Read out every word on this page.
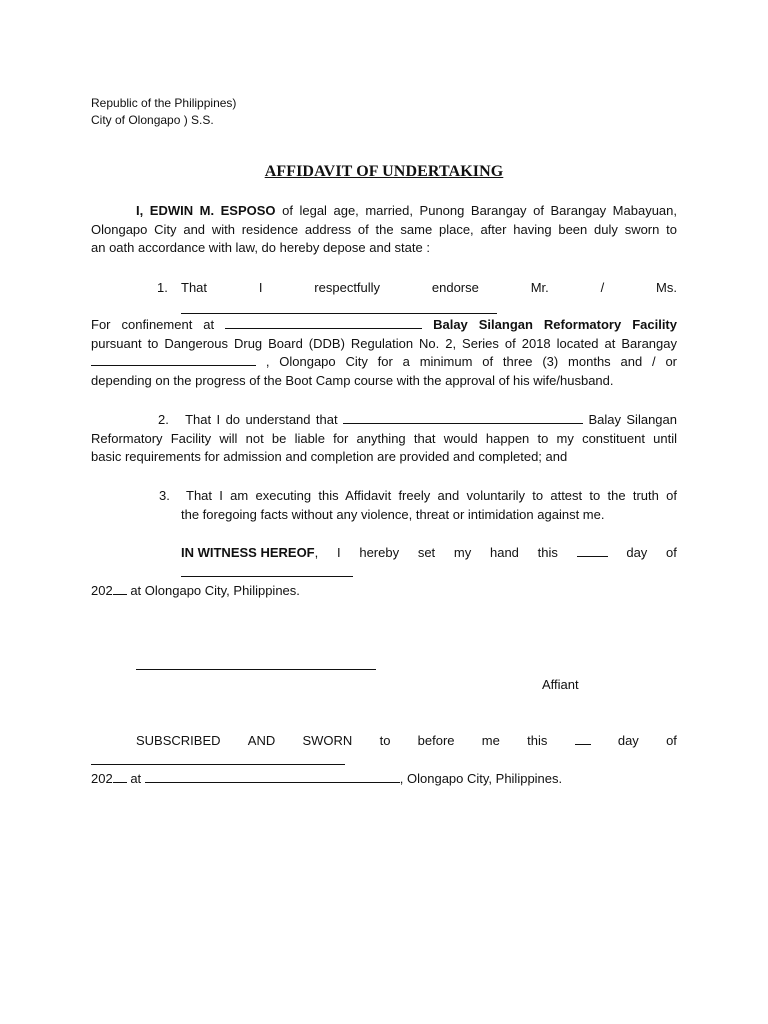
Republic of the Philippines)
City of Olongapo ) S.S.
AFFIDAVIT OF UNDERTAKING
I, EDWIN M. ESPOSO of legal age, married, Punong Barangay of Barangay Mabayuan,
Olongapo City and with residence address of the same place, after having been duly sworn to
an oath accordance with law, do hereby depose and state :
1. That	I	respectfully	endorse	Mr.	/	Ms.
For confinement at	Balay Silangan Reformatory Facility
pursuant to Dangerous Drug Board (DDB) Regulation No. 2, Series of 2018 located at Barangay
, Olongapo City for a minimum of three (3) months and / or
depending on the progress of the Boot Camp course with the approval of his wife/husband.
2. That I do understand that	Balay Silangan
Reformatory Facility will not be liable for anything that would happen to my constituent until
basic requirements for admission and completion are provided and completed; and
3.	That I am executing this Affidavit freely and voluntarily to attest to the truth of
the foregoing facts without any violence, threat or intimidation against me.
IN WITNESS HEREOF, I hereby set my hand this	day of
202 at Olongapo City, Philippines.
Affiant
SUBSCRIBED AND SWORN to before me this	day of
202 at	, Olongapo City, Philippines.
